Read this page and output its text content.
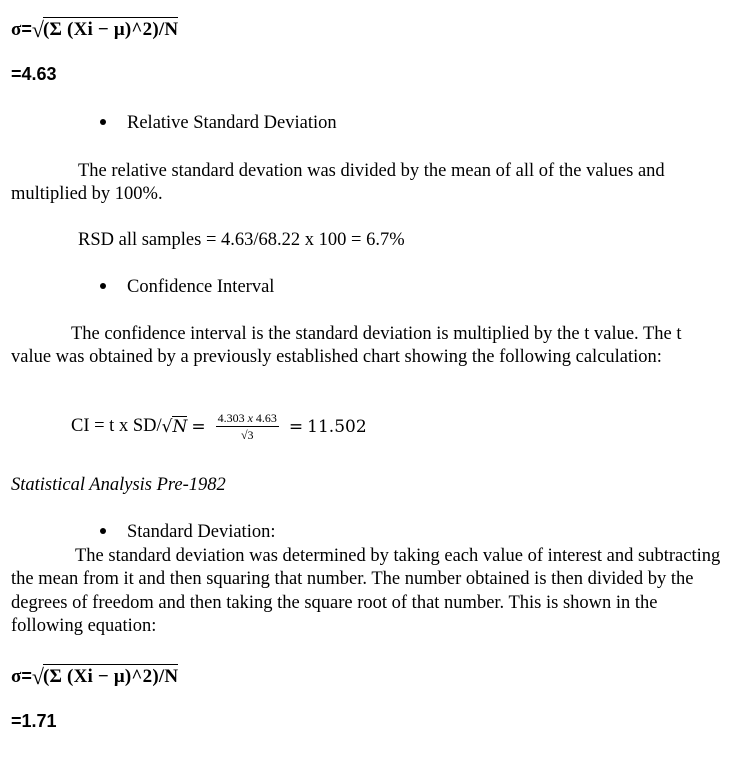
σ=√(Σ (Xi − μ)^2)/N
=4.63
Relative Standard Deviation
The relative standard devation was divided by the mean of all of the values and multiplied by 100%.
RSD all samples = 4.63/68.22 x 100 = 6.7%
Confidence Interval
The confidence interval is the standard deviation is multiplied by the t value. The t value was obtained by a previously established chart showing the following calculation:
CI = t x SD/ √ $N = \frac{4.303 x 4.63}{√3} = 11.502$
Statistical Analysis Pre-1982
Standard Deviation:
The standard deviation was determined by taking each value of interest and subtracting the mean from it and then squaring that number. The number obtained is then divided by the degrees of freedom and then taking the square root of that number. This is shown in the following equation:
σ=√(Σ (Xi − μ)^2)/N
=1.71
